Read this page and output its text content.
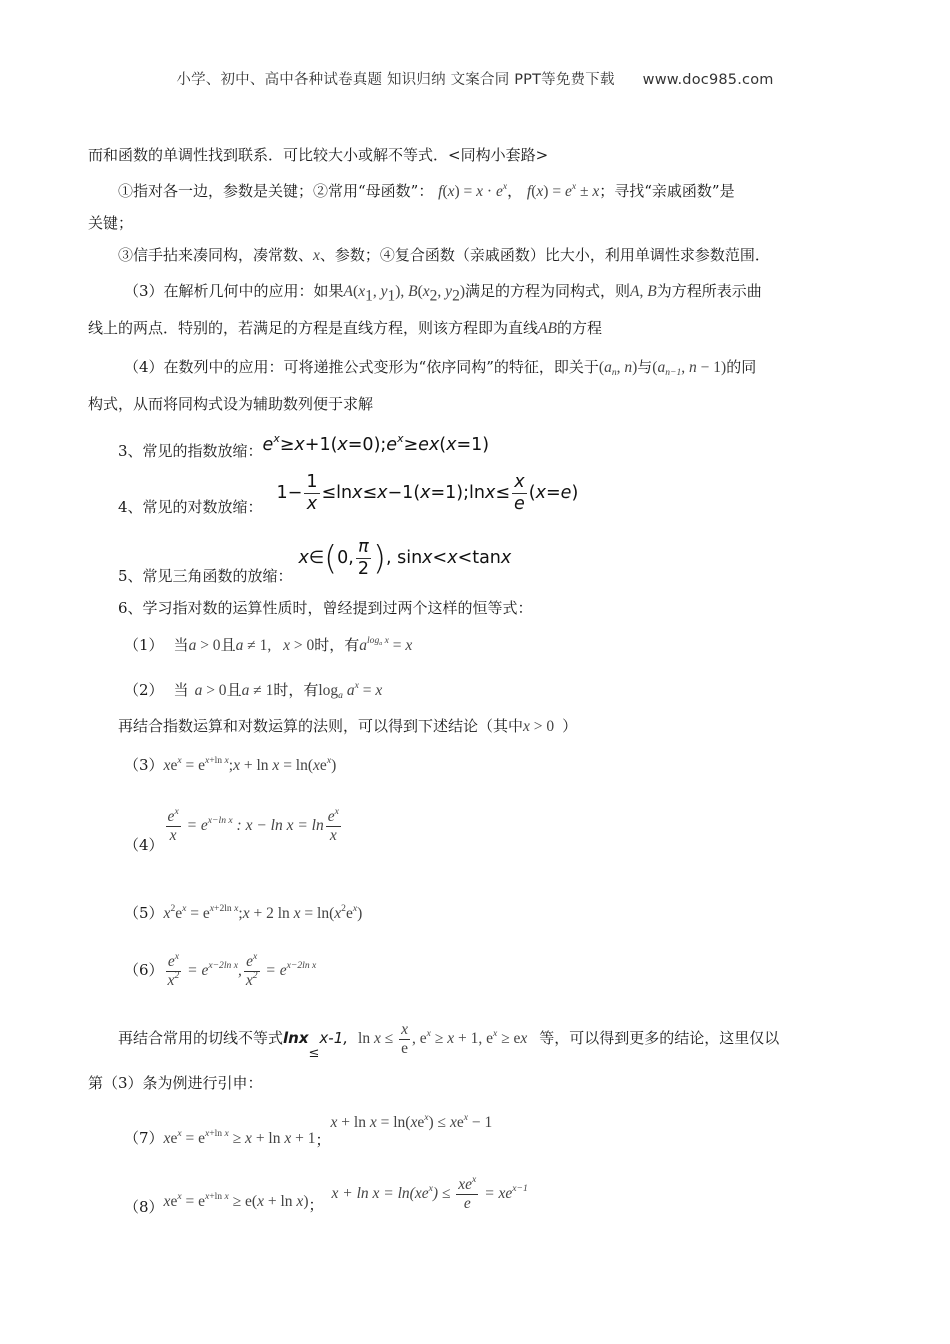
小学、初中、高中各种试卷真题 知识归纳 文案合同 PPT等免费下载 www.doc985.com
而和函数的单调性找到联系．可比较大小或解不等式．<同构小套路>
①指对各一边，参数是关键；②常用“母函数”： $f(x) = x \cdot e^x$， $f(x) = e^x \pm x$；寻找“亲戚函数”是
关键；
③信手拈来凑同构，凑常数、x、参数；④复合函数（亲戚函数）比大小，利用单调性求参数范围．
（3）在解析几何中的应用：如果$A(x_1$, $y_1$), $B(x_2$, $y_2$)满足的方程为同构式，则A, B为方程所表示曲
线上的两点．特别的，若满足的方程是直线方程，则该方程即为直线AB的方程
（4）在数列中的应用：可将递推公式变形为“依序同构”的特征，即关于($a_n$, n)与($a_{n-1}$, n − 1)的同
构式，从而将同构式设为辅助数列便于求解
3、常见的指数放缩：$e^x\ge x+1(x=0);e^x\ge ex(x=1)$
4、常见的对数放缩：$1- \frac{1}{x}$ ≤lnx≤x−1(x=1);lnx≤ $\frac{x}{e} (x=e)$
5、常见三角函数的放缩：x∈(0, $\frac{\pi}{2}$ ), sinx<x<tanx
6、学习指对数的运算性质时，曾经提到过两个这样的恒等式：
（1） 当a > 0且a ≠ 1, x > 0时，有$a^{log_a x} = x$
（2） 当 a > 0且a ≠ 1时，有$\log_a a^x = x$
再结合指数运算和对数运算的法则，可以得到下述结论（其中x > 0 ）
$(3)xe^x$ = $e^{x+ln x};x + \ln x = \ln(xe^x)$
（4）
$\frac{e^x}{x} = e^{x-ln x}$ : $x - \ln x = \ln \frac{e^x}{x}$
$(5)x^2e^x$ = $e^{x+2ln x};x + 2$ $\ln x = \ln(x^2e^x)$
$(6) \frac{e^x}{x^2} = e^{x-2ln x}$, $\frac{e^x}{x^2} = e^{x-2ln x}$
再结合常用的切线不等式lnx≤x-1, $\ln x \le \frac{x}{e}$ , $e^x \ge x + 1$, $e^x$ ≥ ex 等，可以得到更多的结论，这里仅以
第（3）条为例进行引申：
$(7)xe^x = e^{x+ln x} \ge x + \ln x + 1$；$x + \ln x = \ln(xe^x) \le xe^x - 1$
$(8)xe^x = e^{x+ln x} \ge e(x + \ln x)$；$x + \ln x = \ln(xe^x) \le \frac{xe^x}{e} = xe^{x-1}$
